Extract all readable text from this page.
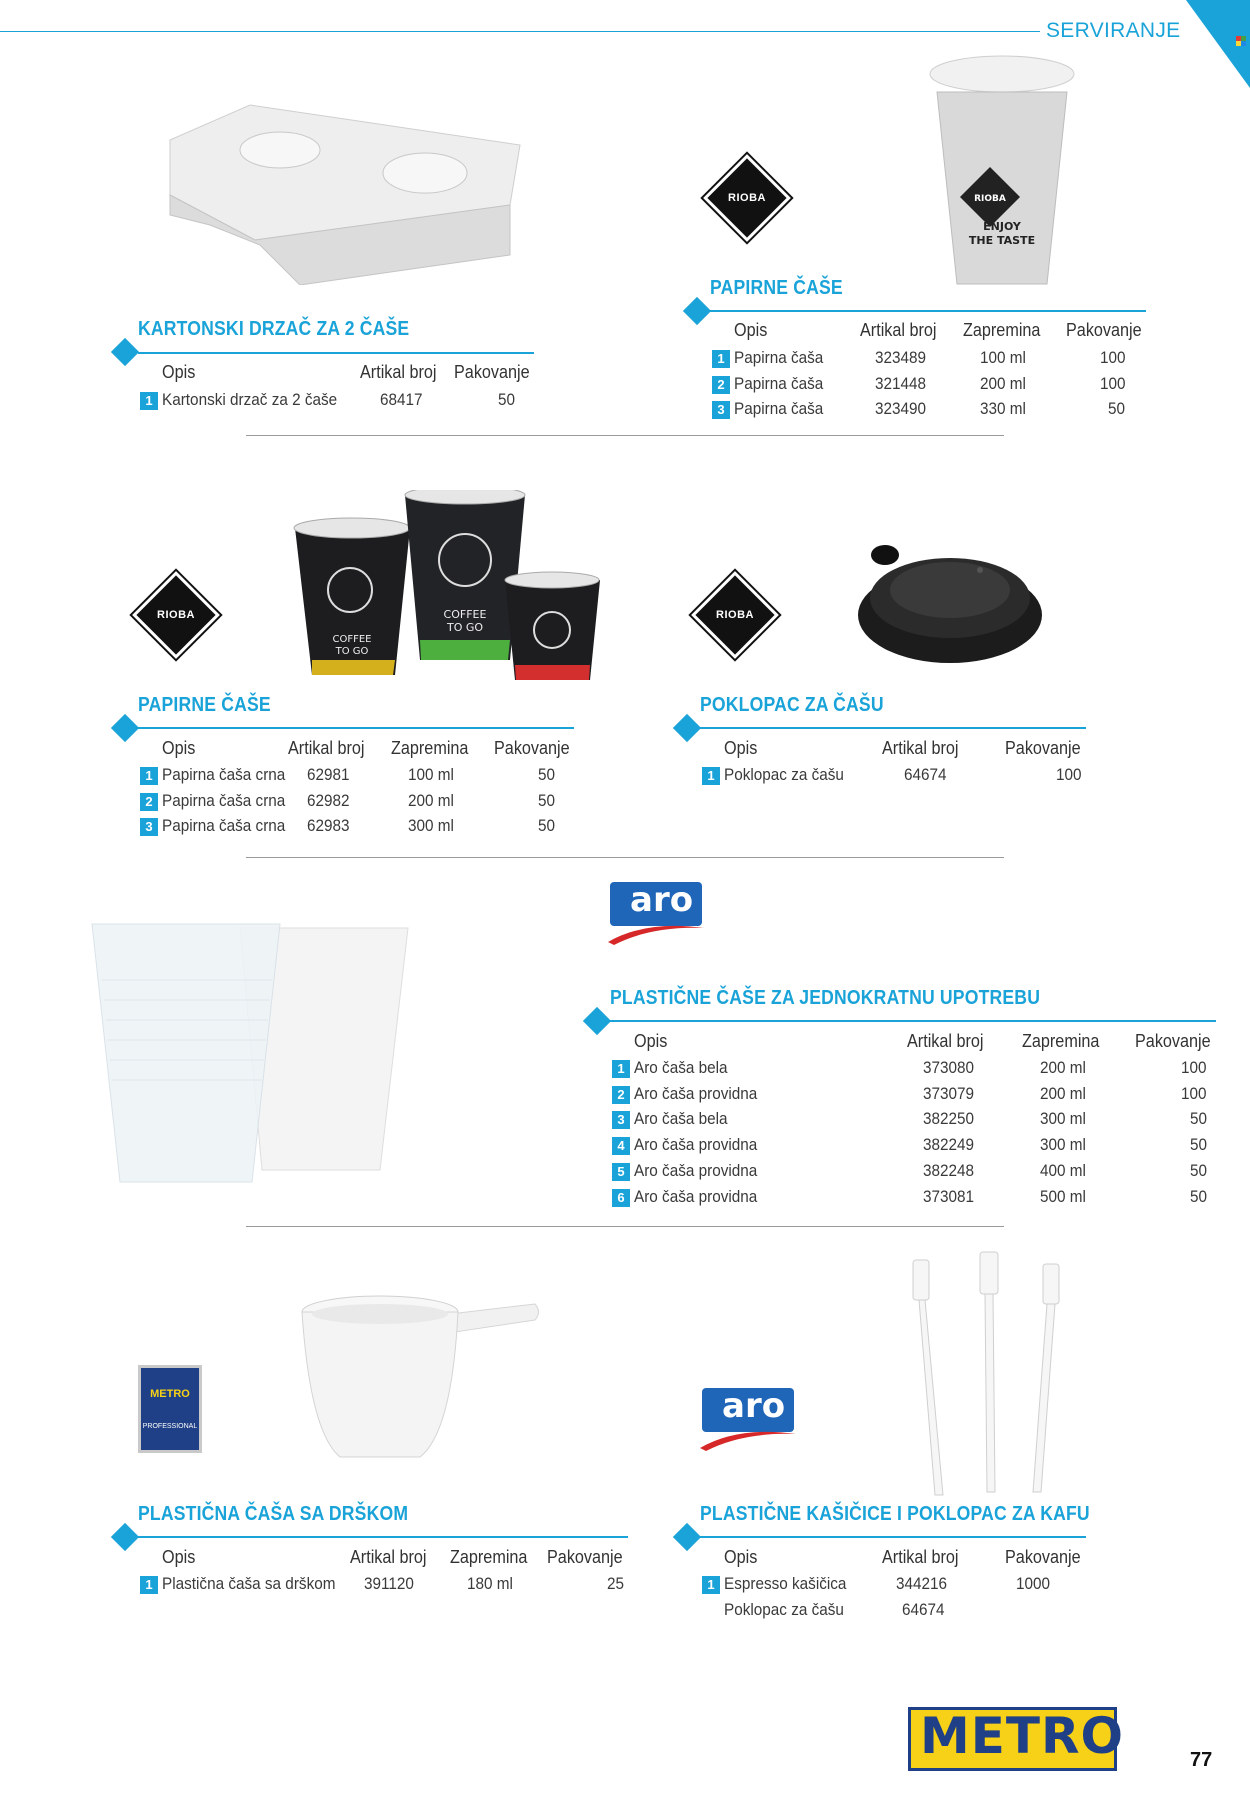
SERVIRANJE
RIOBA
ENJOY
THE TASTE
RIOBA
KARTONSKI DRZAČ ZA 2 ČAŠE
Opis	Artikal broj Pakovanje
1 Kartonski drzač za 2 čaše	68417	50
PAPIRNE ČAŠE
Opis	Artikal broj Zapremina Pakovanje
1 Papirna čaša	323489	100 ml	100
2 Papirna čaša	321448	200 ml	100
3 Papirna čaša	323490	330 ml	50
COFFEE
TO GO
COFFEE
TO GO
RIOBA	RIOBA
PAPIRNE ČAŠE
Opis	Artikal broj Zapremina Pakovanje
1 Papirna čaša crna 62981	100 ml	50
2 Papirna čaša crna 62982	200 ml	50
3 Papirna čaša crna 62983	300 ml	50
POKLOPAC ZA ČAŠU
Opis	Artikal broj	Pakovanje
1 Poklopac za čašu	64674	100
aro
PLASTIČNE ČAŠE ZA JEDNOKRATNU UPOTREBU
Opis	Artikal broj Zapremina Pakovanje
1 Aro čaša bela	373080	200 ml	100
2 Aro čaša providna	373079	200 ml	100
3 Aro čaša bela	382250	300 ml	50
4 Aro čaša providna	382249	300 ml	50
5 Aro čaša providna	382248	400 ml	50
6 Aro čaša providna	373081	500 ml	50
METRO
PROFESSIONAL
aro
PLASTIČNA ČAŠA SA DRŠKOM
Opis	Artikal broj Zapremina Pakovanje
1 Plastična čaša sa drškom 391120	180 ml	25
PLASTIČNE KAŠIČICE I POKLOPAC ZA KAFU
Opis	Artikal broj	Pakovanje
1 Espresso kašičica	344216	1000
Poklopac za čašu	64674
METRO	77
